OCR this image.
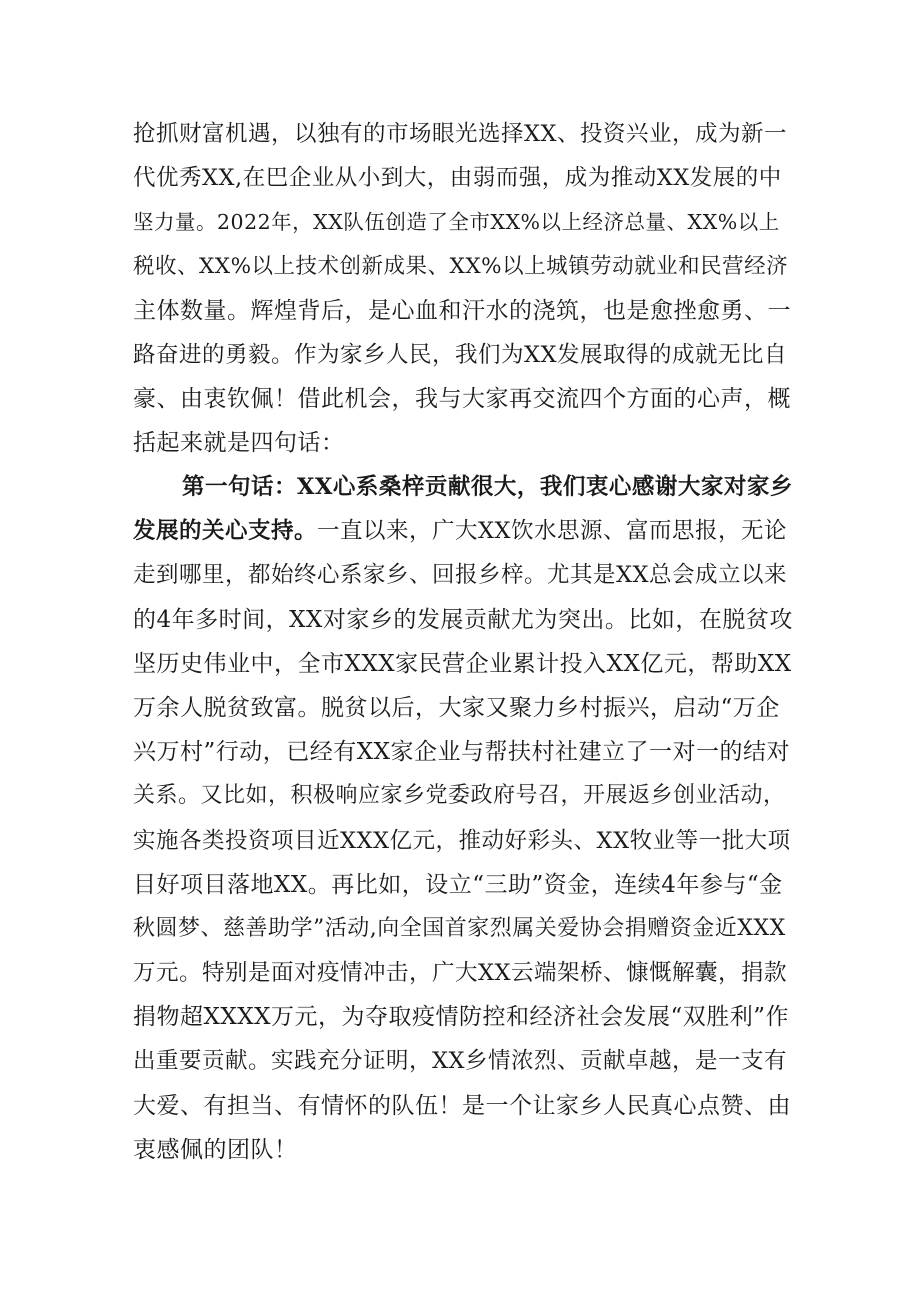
抢抓财富机遇，以独有的市场眼光选择XX、投资兴业，成为新一
代优秀XX,在巴企业从小到大，由弱而强，成为推动XX发展的中
坚力量。2022年，XX队伍创造了全市XX%以上经济总量、XX%以上
税收、XX%以上技术创新成果、XX%以上城镇劳动就业和民营经济
主体数量。辉煌背后，是心血和汗水的浇筑，也是愈挫愈勇、一
路奋进的勇毅。作为家乡人民，我们为XX发展取得的成就无比自
豪、由衷钦佩！借此机会，我与大家再交流四个方面的心声，概
括起来就是四句话：
第一句话：XX心系桑梓贡献很大，我们衷心感谢大家对家乡
发展的关心支持。一直以来，广大XX饮水思源、富而思报，无论
走到哪里，都始终心系家乡、回报乡梓。尤其是XX总会成立以来
的4年多时间，XX对家乡的发展贡献尤为突出。比如，在脱贫攻
坚历史伟业中，全市XXX家民营企业累计投入XX亿元，帮助XX
万余人脱贫致富。脱贫以后，大家又聚力乡村振兴，启动“万企
兴万村”行动，已经有XX家企业与帮扶村社建立了一对一的结对
关系。又比如，积极响应家乡党委政府号召，开展返乡创业活动，
实施各类投资项目近XXX亿元，推动好彩头、XX牧业等一批大项
目好项目落地XX。再比如，设立“三助”资金，连续4年参与“金
秋圆梦、慈善助学”活动,向全国首家烈属关爱协会捐赠资金近XXX
万元。特别是面对疫情冲击，广大XX云端架桥、慷慨解囊，捐款
捐物超XXXX万元，为夺取疫情防控和经济社会发展“双胜利”作
出重要贡献。实践充分证明，XX乡情浓烈、贡献卓越，是一支有
大爱、有担当、有情怀的队伍！是一个让家乡人民真心点赞、由
衷感佩的团队！
